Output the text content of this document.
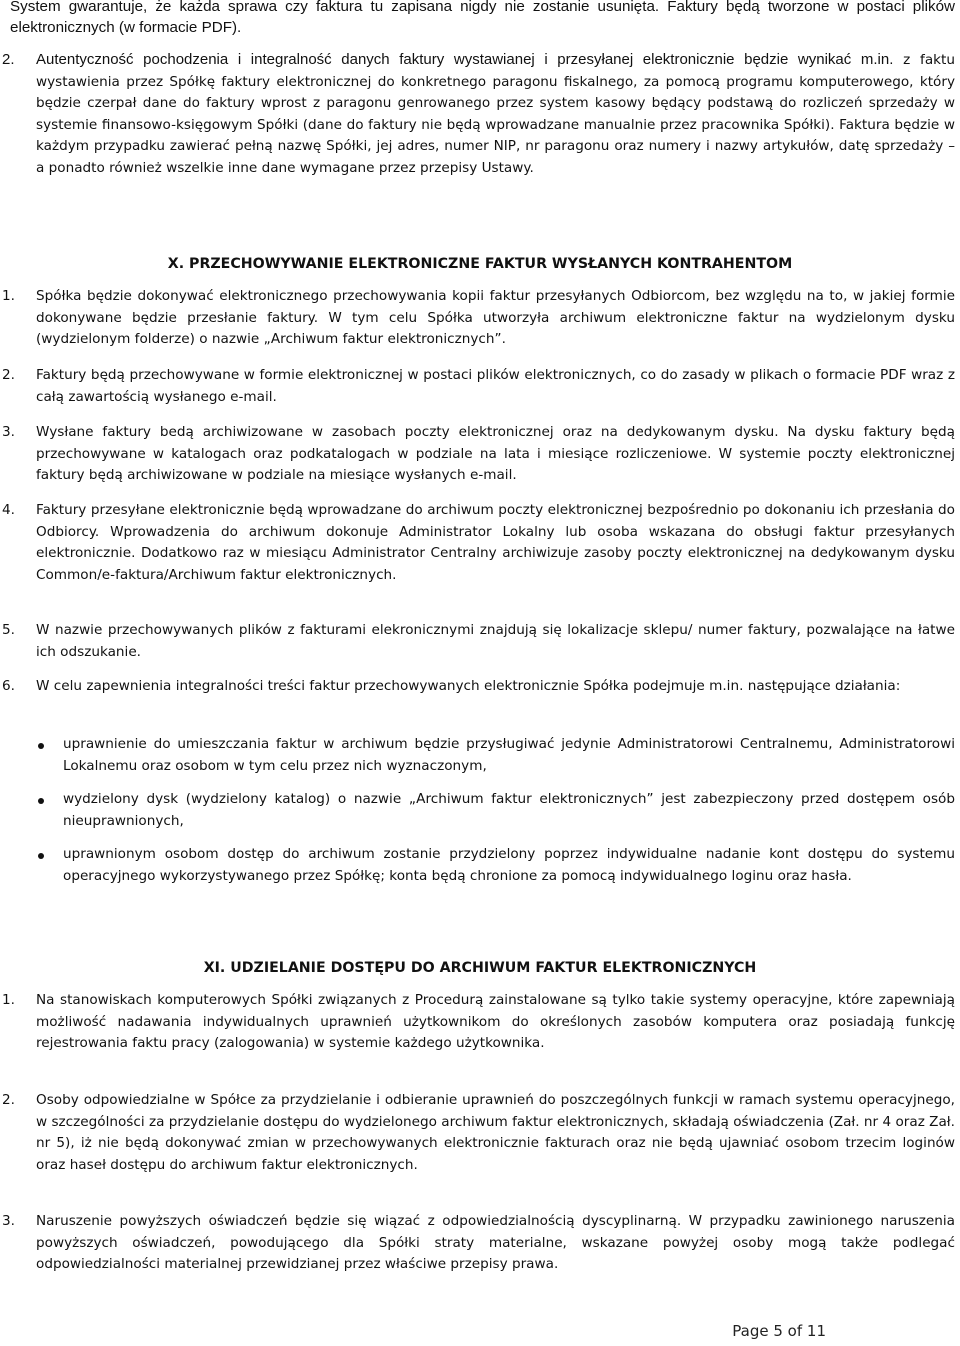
System gwarantuje, że każda sprawa czy faktura tu zapisana nigdy nie zostanie usunięta. Faktury będą tworzone w postaci plików elektronicznych (w formacie PDF).
2. Autentyczność pochodzenia i integralność danych faktury wystawianej i przesyłanej elektronicznie będzie wynikać m.in. z faktu wystawienia przez Spółkę faktury elektronicznej do konkretnego paragonu fiskalnego, za pomocą programu komputerowego, który będzie czerpał dane do faktury wprost z paragonu genrowanego przez system kasowy będący podstawą do rozliczeń sprzedaży w systemie finansowo-księgowym Spółki (dane do faktury nie będą wprowadzane manualnie przez pracownika Spółki). Faktura będzie w każdym przypadku zawierać pełną nazwę Spółki, jej adres, numer NIP, nr paragonu oraz numery i nazwy artykułów, datę sprzedaży – a ponadto również wszelkie inne dane wymagane przez przepisy Ustawy.
X. PRZECHOWYWANIE ELEKTRONICZNE FAKTUR WYSŁANYCH KONTRAHENTOM
1. Spółka będzie dokonywać elektronicznego przechowywania kopii faktur przesyłanych Odbiorcom, bez względu na to, w jakiej formie dokonywane będzie przesłanie faktury. W tym celu Spółka utworzyła archiwum elektroniczne faktur na wydzielonym dysku (wydzielonym folderze) o nazwie „Archiwum faktur elektronicznych”.
2. Faktury będą przechowywane w formie elektronicznej w postaci plików elektronicznych, co do zasady w plikach o formacie PDF wraz z całą zawartością wysłanego e-mail.
3. Wysłane faktury bedą archiwizowane w zasobach poczty elektronicznej oraz na dedykowanym dysku. Na dysku faktury będą przechowywane w katalogach oraz podkatalogach w podziale na lata i miesiące rozliczeniowe. W systemie poczty elektronicznej faktury będą archiwizowane w podziale na miesiące wysłanych e-mail.
4. Faktury przesyłane elektronicznie będą wprowadzane do archiwum poczty elektronicznej bezpośrednio po dokonaniu ich przesłania do Odbiorcy. Wprowadzenia do archiwum dokonuje Administrator Lokalny lub osoba wskazana do obsługi faktur przesyłanych elektronicznie. Dodatkowo raz w miesiącu Administrator Centralny archiwizuje zasoby poczty elektronicznej na dedykowanym dysku Common/e-faktura/Archiwum faktur elektronicznych.
5. W nazwie przechowywanych plików z fakturami elekronicznymi znajdują się lokalizacje sklepu/ numer faktury, pozwalające na łatwe ich odszukanie.
6. W celu zapewnienia integralności treści faktur przechowywanych elektronicznie Spółka podejmuje m.in. następujące działania:
uprawnienie do umieszczania faktur w archiwum będzie przysługiwać jedynie Administratorowi Centralnemu, Administratorowi Lokalnemu oraz osobom w tym celu przez nich wyznaczonym,
wydzielony dysk (wydzielony katalog) o nazwie „Archiwum faktur elektronicznych” jest zabezpieczony przed dostępem osób nieuprawnionych,
uprawnionym osobom dostęp do archiwum zostanie przydzielony poprzez indywidualne nadanie kont dostępu do systemu operacyjnego wykorzystywanego przez Spółkę; konta będą chronione za pomocą indywidualnego loginu oraz hasła.
XI. UDZIELANIE DOSTĘPU DO ARCHIWUM FAKTUR ELEKTRONICZNYCH
1. Na stanowiskach komputerowych Spółki związanych z Procedurą zainstalowane są tylko takie systemy operacyjne, które zapewniają możliwość nadawania indywidualnych uprawnień użytkownikom do określonych zasobów komputera oraz posiadają funkcję rejestrowania faktu pracy (zalogowania) w systemie każdego użytkownika.
2. Osoby odpowiedzialne w Spółce za przydzielanie i odbieranie uprawnień do poszczególnych funkcji w ramach systemu operacyjnego, w szczególności za przydzielanie dostępu do wydzielonego archiwum faktur elektronicznych, składają oświadczenia (Zał. nr 4 oraz Zał. nr 5), iż nie będą dokonywać zmian w przechowywanych elektronicznie fakturach oraz nie będą ujawniać osobom trzecim loginów oraz haseł dostępu do archiwum faktur elektronicznych.
3. Naruszenie powyższych oświadczeń będzie się wiązać z odpowiedzialnością dyscyplinarną. W przypadku zawinionego naruszenia powyższych oświadczeń, powodującego dla Spółki straty materialne, wskazane powyżej osoby mogą także podlegać odpowiedzialności materialnej przewidzianej przez właściwe przepisy prawa.
Page 5 of 11
